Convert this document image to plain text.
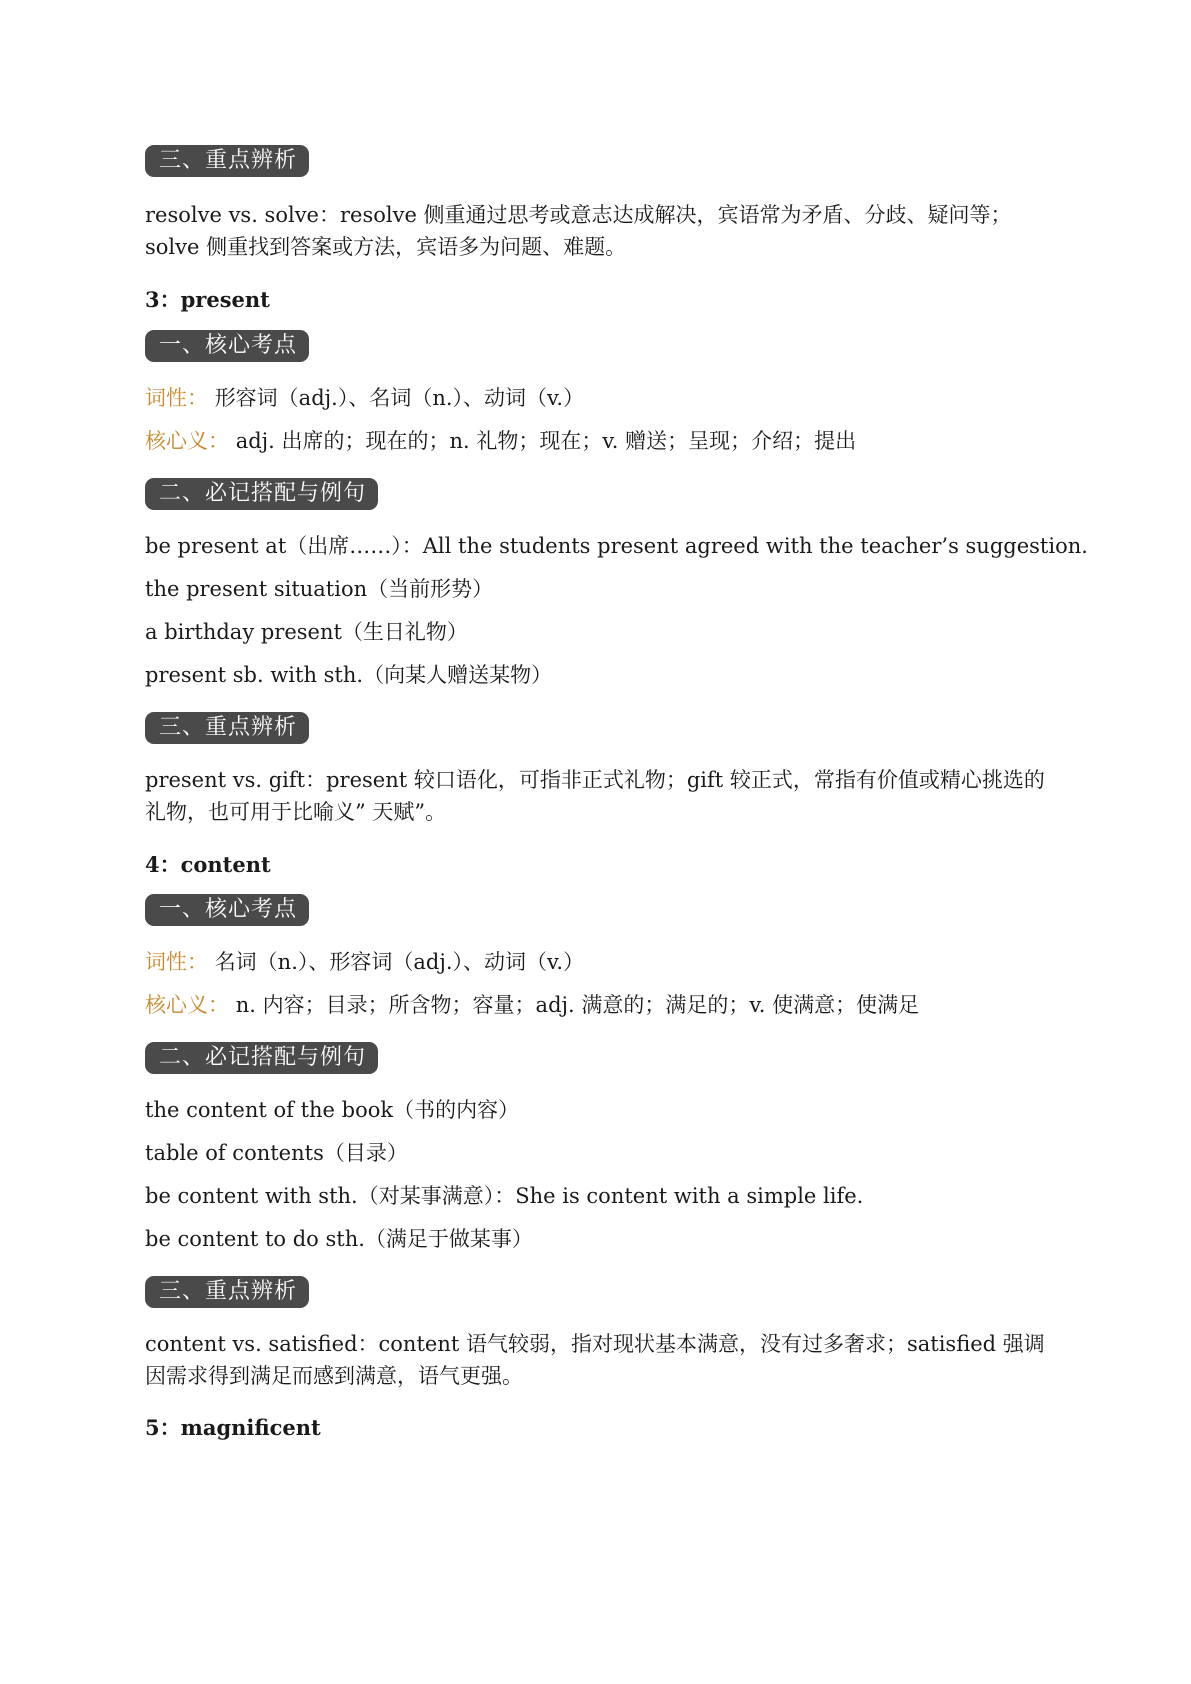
三、重点辨析
resolve vs. solve：resolve 侧重通过思考或意志达成解决，宾语常为矛盾、分歧、疑问等；solve 侧重找到答案或方法，宾语多为问题、难题。
3：present
一、核心考点
词性： 形容词（adj.）、名词（n.）、动词（v.）
核心义： adj. 出席的；现在的；n. 礼物；现在；v. 赠送；呈现；介绍；提出
二、必记搭配与例句
be present at（出席……）：All the students present agreed with the teacher’s suggestion.
the present situation（当前形势）
a birthday present（生日礼物）
present sb. with sth.（向某人赠送某物）
三、重点辨析
present vs. gift：present 较口语化，可指非正式礼物；gift 较正式，常指有价值或精心挑选的礼物，也可用于比喻义” 天赋”。
4：content
一、核心考点
词性： 名词（n.）、形容词（adj.）、动词（v.）
核心义： n. 内容；目录；所含物；容量；adj. 满意的；满足的；v. 使满意；使满足
二、必记搭配与例句
the content of the book（书的内容）
table of contents（目录）
be content with sth.（对某事满意）：She is content with a simple life.
be content to do sth.（满足于做某事）
三、重点辨析
content vs. satisfied：content 语气较弱，指对现状基本满意，没有过多奢求；satisfied 强调因需求得到满足而感到满意，语气更强。
5：magnificent
